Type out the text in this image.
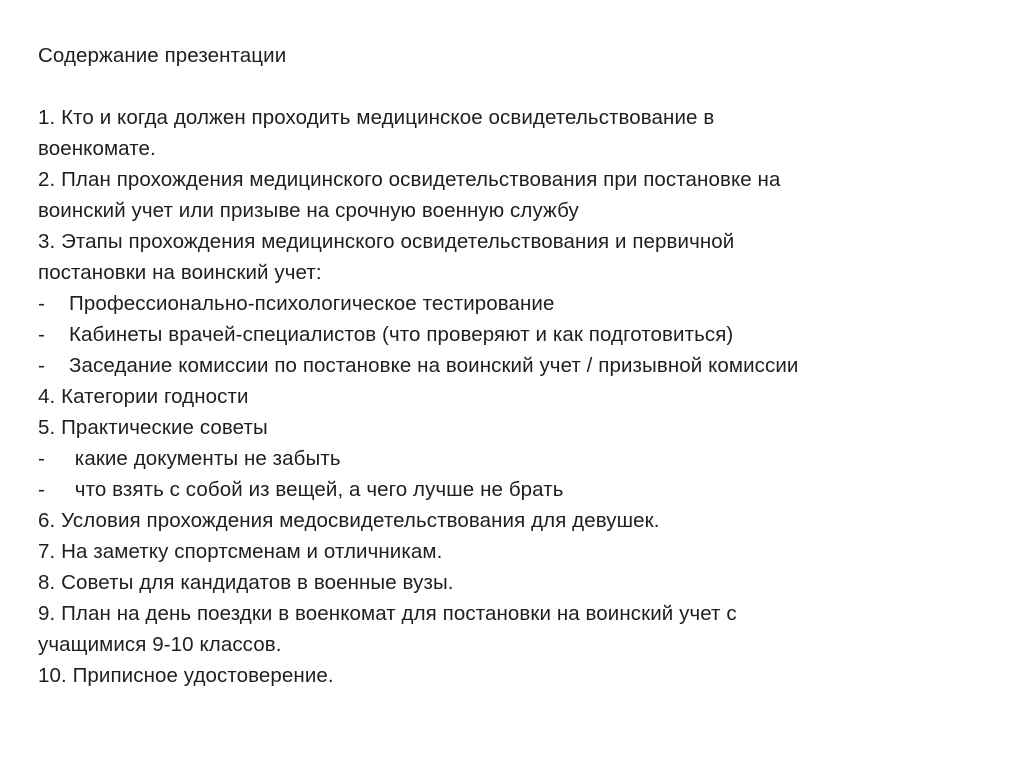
Содержание презентации
1. Кто и когда должен проходить медицинское освидетельствование в
военкомате.
2. План прохождения медицинского освидетельствования при постановке на
воинский учет или призыве на срочную военную службу
3. Этапы прохождения медицинского освидетельствования и первичной
постановки на воинский учет:
- Профессионально-психологическое тестирование
- Кабинеты врачей-специалистов (что проверяют и как подготовиться)
- Заседание комиссии по постановке на воинский учет / призывной комиссии
4. Категории годности
5. Практические советы
- какие документы не забыть
- что взять с собой из вещей, а чего лучше не брать
6. Условия прохождения медосвидетельствования для девушек.
7. На заметку спортсменам и отличникам.
8. Советы для кандидатов в военные вузы.
9. План на день поездки в военкомат для постановки на воинский учет с
учащимися 9-10 классов.
10. Приписное удостоверение.
